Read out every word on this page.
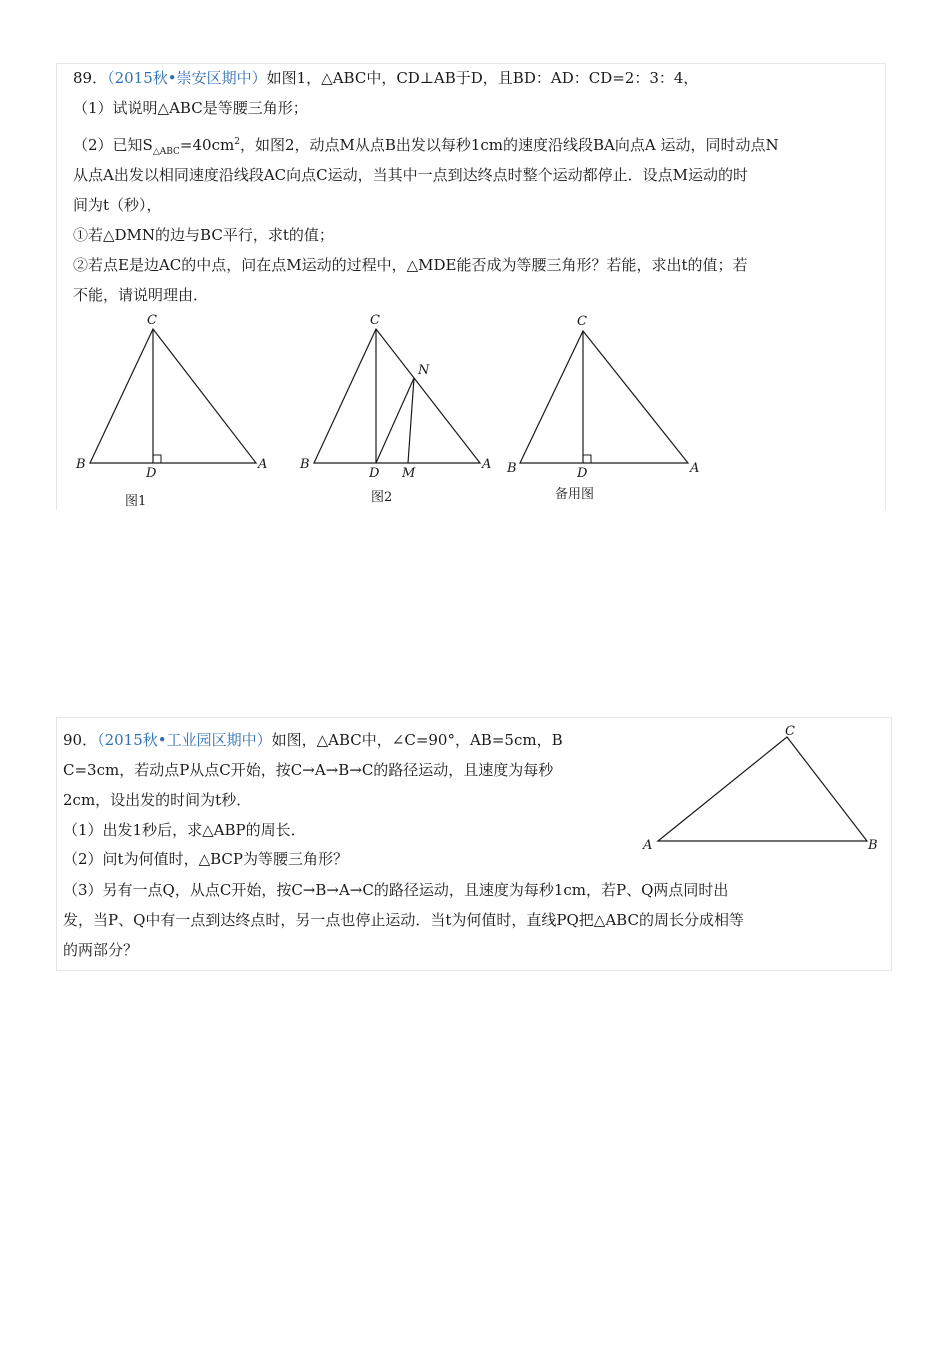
89．（2015秋•崇安区期中）如图1，△ABC中，CD⊥AB于D，且BD：AD：CD=2：3：4，
（1）试说明△ABC是等腰三角形；
（2）已知$S_{\triangle ABC}=40cm^2$，如图2，动点M从点B出发以每秒1cm的速度沿线段BA向点A 运动，同时动点N
从点A出发以相同速度沿线段AC向点C运动，当其中一点到达终点时整个运动都停止．设点M运动的时
间为t（秒），
①若△DMN的边与BC平行，求t的值；
②若点E是边AC的中点，问在点M运动的过程中，△MDE能否成为等腰三角形？若能，求出t的值；若
不能，请说明理由．
C
B
D
A
图1
C
N
B
D M
A
图2
C
B	D	A
备用图
90．（2015秋•工业园区期中）如图，△ABC中，∠C=90°，AB=5cm，B
C=3cm，若动点P从点C开始，按C→A→B→C的路径运动，且速度为每秒
2cm，设出发的时间为t秒．
（1）出发1秒后，求△ABP的周长．
（2）问t为何值时，△BCP为等腰三角形？
（3）另有一点Q，从点C开始，按C→B→A→C的路径运动，且速度为每秒1cm，若P、Q两点同时出
发，当P、Q中有一点到达终点时，另一点也停止运动．当t为何值时，直线PQ把△ABC的周长分成相等
的两部分？
C
A	B
